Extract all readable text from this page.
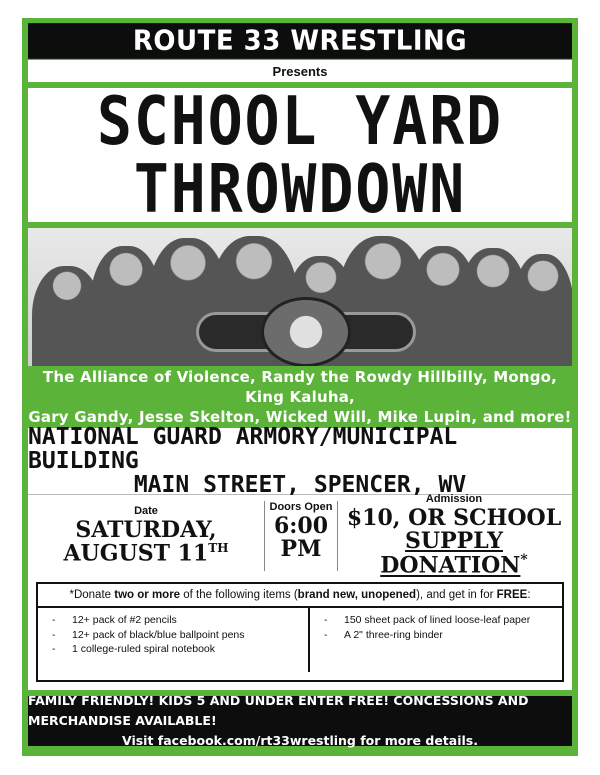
ROUTE 33 WRESTLING
Presents
SCHOOL YARD
THROWDOWN
The Alliance of Violence, Randy the Rowdy Hillbilly, Mongo, King Kaluha,
Gary Gandy, Jesse Skelton, Wicked Will, Mike Lupin, and more!
NATIONAL GUARD ARMORY/MUNICIPAL BUILDING
MAIN STREET, SPENCER, WV
Date
SATURDAY,
AUGUST 11TH
Doors Open
6:00
PM
Admission
$10, OR SCHOOL
SUPPLY DONATION*
*Donate two or more of the following items (brand new, unopened), and get in for FREE:
- 12+ pack of #2 pencils
- 12+ pack of black/blue ballpoint pens
- 1 college-ruled spiral notebook
- 150 sheet pack of lined loose-leaf paper
- A 2" three-ring binder
FAMILY FRIENDLY! KIDS 5 AND UNDER ENTER FREE! CONCESSIONS AND MERCHANDISE AVAILABLE!
Visit facebook.com/rt33wrestling for more details.
